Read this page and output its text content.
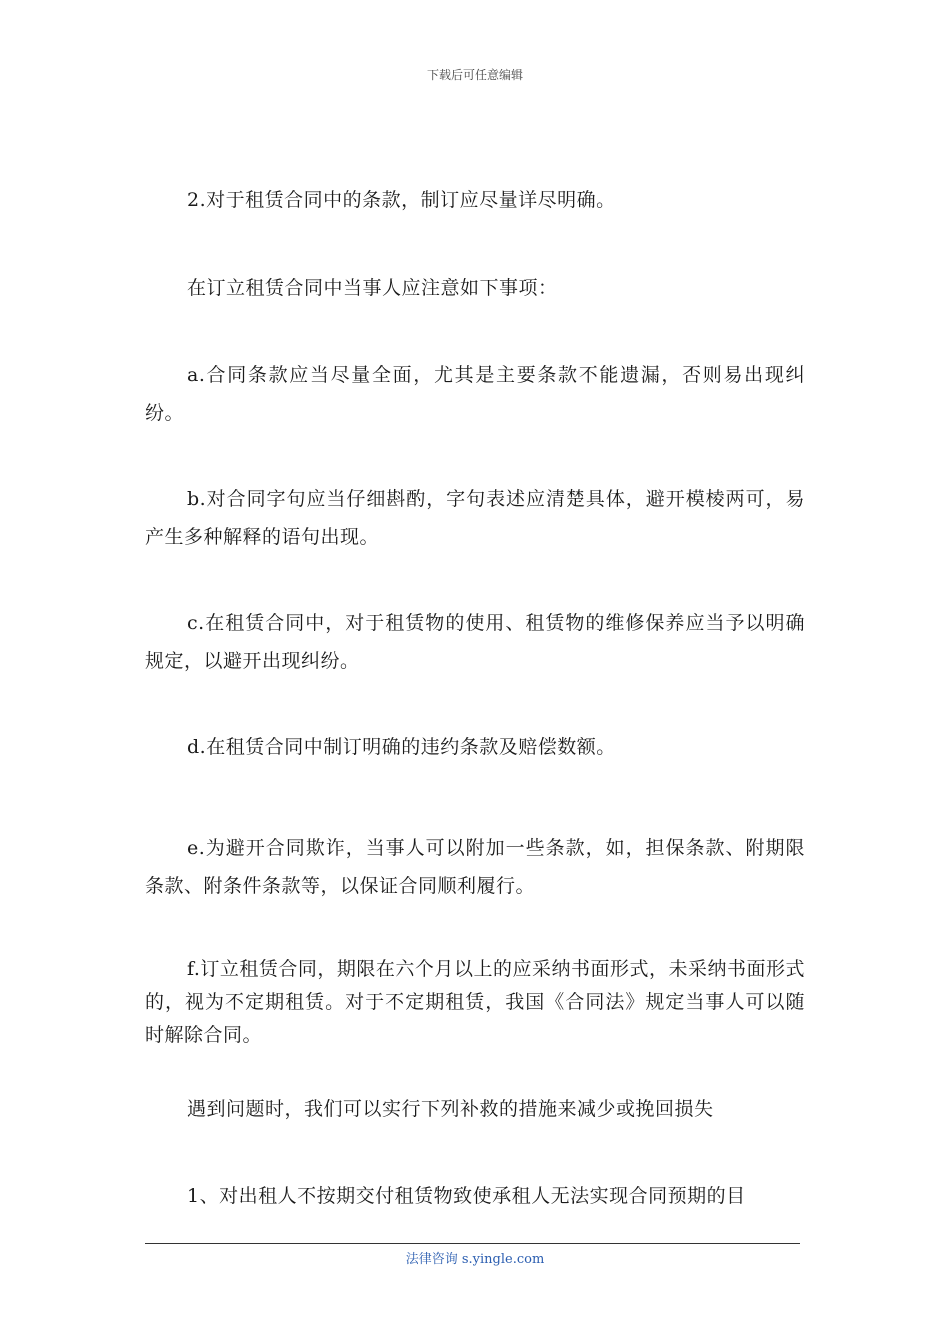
下载后可任意编辑

2.对于租赁合同中的条款，制订应尽量详尽明确。

在订立租赁合同中当事人应注意如下事项：

a.合同条款应当尽量全面，尤其是主要条款不能遗漏，否则易出现纠纷。

b.对合同字句应当仔细斟酌，字句表述应清楚具体，避开模棱两可，易产生多种解释的语句出现。

c.在租赁合同中，对于租赁物的使用、租赁物的维修保养应当予以明确规定，以避开出现纠纷。

d.在租赁合同中制订明确的违约条款及赔偿数额。

e.为避开合同欺诈，当事人可以附加一些条款，如，担保条款、附期限条款、附条件条款等，以保证合同顺利履行。

f.订立租赁合同，期限在六个月以上的应采纳书面形式，未采纳书面形式的，视为不定期租赁。对于不定期租赁，我国《合同法》规定当事人可以随时解除合同。

遇到问题时，我们可以实行下列补救的措施来减少或挽回损失

1、对出租人不按期交付租赁物致使承租人无法实现合同预期的目

法律咨询 s.yingle.com
